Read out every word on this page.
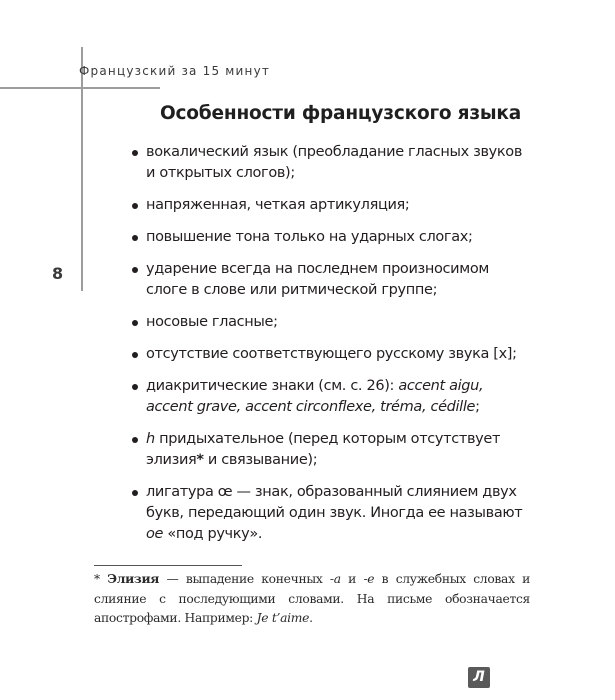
Французский за 15 минут
8
Особенности французского языка
вокалический язык (преобладание гласных звуков и открытых слогов);
напряженная, четкая артикуляция;
повышение тона только на ударных слогах;
ударение всегда на последнем произносимом слоге в слове или ритмической группе;
носовые гласные;
отсутствие соответствующего русскому звука [х];
диакритические знаки (см. с. 26): accent aigu, accent grave, accent circonflexe, tréma, cédille;
h придыхательное (перед которым отсутствует элизия* и связывание);
лигатура œ — знак, образованный слиянием двух букв, передающий один звук. Иногда ее называют oe «под ручку».
* Элизия — выпадение конечных -a и -e в служебных словах и слияние с последующими словами. На письме обозначается апострофами. Например: Je t’aime.
Л
